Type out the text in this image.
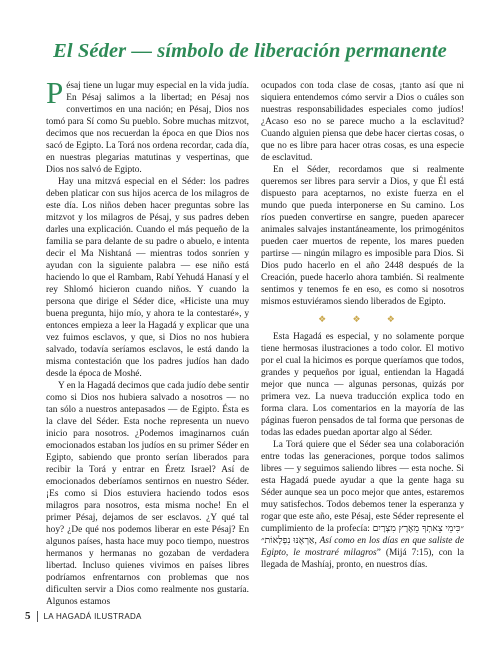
El Séder — símbolo de liberación permanente

Pésaj tiene un lugar muy especial en la vida judía. En Pésaj salimos a la libertad; en Pésaj nos convertimos en una nación; en Pésaj, Dios nos tomó para Sí como Su pueblo. Sobre muchas mitzvot, decimos que nos recuerdan la época en que Dios nos sacó de Egipto. La Torá nos ordena recordar, cada día, en nuestras plegarias matutinas y vespertinas, que Dios nos salvó de Egipto.

Hay una mitzvá especial en el Séder: los padres deben platicar con sus hijos acerca de los milagros de este día. Los niños deben hacer preguntas sobre las mitzvot y los milagros de Pésaj, y sus padres deben darles una explicación. Cuando el más pequeño de la familia se para delante de su padre o abuelo, e intenta decir el Ma Nishtaná — mientras todos sonríen y ayudan con la siguiente palabra — ese niño está haciendo lo que el Rambam, Rabí Yehudá Hanasí y el rey Shlomó hicieron cuando niños. Y cuando la persona que dirige el Séder dice, «Hiciste una muy buena pregunta, hijo mío, y ahora te la contestaré», y entonces empieza a leer la Hagadá y explicar que una vez fuimos esclavos, y que, si Dios no nos hubiera salvado, todavía seríamos esclavos, le está dando la misma contestación que los padres judíos han dado desde la época de Moshé.

Y en la Hagadá decimos que cada judío debe sentir como si Dios nos hubiera salvado a nosotros — no tan sólo a nuestros antepasados — de Egipto. Ésta es la clave del Séder. Esta noche representa un nuevo inicio para nosotros. ¿Podemos imaginarnos cuán emocionados estaban los judíos en su primer Séder en Egipto, sabiendo que pronto serían liberados para recibir la Torá y entrar en Éretz Israel? Así de emocionados deberíamos sentirnos en nuestro Séder. ¡Es como si Dios estuviera haciendo todos esos milagros para nosotros, esta misma noche! En el primer Pésaj, dejamos de ser esclavos. ¿Y qué tal hoy? ¿De qué nos podemos liberar en este Pésaj? En algunos países, hasta hace muy poco tiempo, nuestros hermanos y hermanas no gozaban de verdadera libertad. Incluso quienes vivimos en países libres podríamos enfrentarnos con problemas que nos dificulten servir a Dios como realmente nos gustaría. Algunos estamos

ocupados con toda clase de cosas, ¡tanto así que ni siquiera entendemos cómo servir a Dios o cuáles son nuestras responsabilidades especiales como judíos! ¿Acaso eso no se parece mucho a la esclavitud? Cuando alguien piensa que debe hacer ciertas cosas, o que no es libre para hacer otras cosas, es una especie de esclavitud.

En el Séder, recordamos que si realmente queremos ser libres para servir a Dios, y que Él está dispuesto para aceptarnos, no existe fuerza en el mundo que pueda interponerse en Su camino. Los ríos pueden convertirse en sangre, pueden aparecer animales salvajes instantáneamente, los primogénitos pueden caer muertos de repente, los mares pueden partirse — ningún milagro es imposible para Dios. Si Dios pudo hacerlo en el año 2448 después de la Creación, puede hacerlo ahora también. Si realmente sentimos y tenemos fe en eso, es como si nosotros mismos estuviéramos siendo liberados de Egipto.

❖ ❖ ❖

Esta Hagadá es especial, y no solamente porque tiene hermosas ilustraciones a todo color. El motivo por el cual la hicimos es porque queríamos que todos, grandes y pequeños por igual, entiendan la Hagadá mejor que nunca — algunas personas, quizás por primera vez. La nueva traducción explica todo en forma clara. Los comentarios en la mayoría de las páginas fueron pensados de tal forma que personas de todas las edades puedan aportar algo al Séder.

La Torá quiere que el Séder sea una colaboración entre todas las generaciones, porque todos salimos libres — y seguimos saliendo libres — esta noche. Si esta Hagadá puede ayudar a que la gente haga su Séder aunque sea un poco mejor que antes, estaremos muy satisfechos. Todos debemos tener la esperanza y rogar que este año, este Pésaj, este Séder represente el cumplimiento de la profecía: ״כִּימֵי צֵאתְךָ מֵאֶרֶץ מִצְרָיִם אַרְאֶנּוּ נִפְלָאוֹת״, Así como en los días en que saliste de Egipto, le mostraré milagros” (Mijá 7:15), con la llegada de Mashíaj, pronto, en nuestros días.

5 LA HAGADÁ ILUSTRADA
